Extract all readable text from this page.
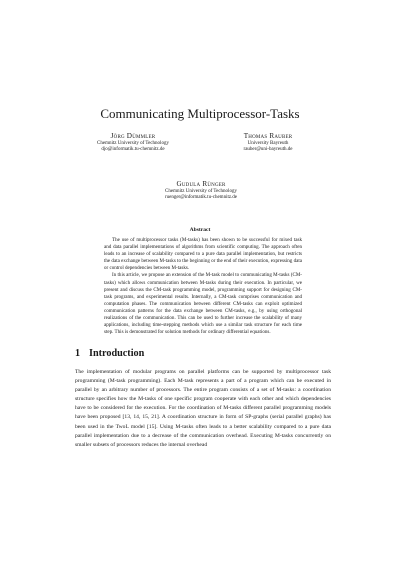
Communicating Multiprocessor-Tasks
Jörg Dümmler
Chemnitz University of Technology
djo@informatik.tu-chemnitz.de
Thomas Rauber
University Bayreuth
rauber@uni-bayreuth.de
Gudula Rünger
Chemnitz University of Technology
ruenger@informatik.tu-chemnitz.de
Abstract

The use of multiprocessor tasks (M-tasks) has been shown to be successful for mixed task and data parallel implementations of algorithms from scientific computing. The approach often leads to an increase of scalability compared to a pure data parallel implementation, but restricts the data exchange between M-tasks to the beginning or the end of their execution, expressing data or control dependencies between M-tasks.

In this article, we propose an extension of the M-task model to communicating M-tasks (CM-tasks) which allows communication between M-tasks during their execution. In particular, we present and discuss the CM-task programming model, programming support for designing CM-task programs, and experimental results. Internally, a CM-task comprises communication and computation phases. The communication between different CM-tasks can exploit optimized communication patterns for the data exchange between CM-tasks, e.g., by using orthogonal realizations of the communication. This can be used to further increase the scalability of many applications, including time-stepping methods which use a similar task structure for each time step. This is demonstrated for solution methods for ordinary differential equations.

1 Introduction

The implementation of modular programs on parallel platforms can be supported by multiprocessor task programming (M-task programming). Each M-task represents a part of a program which can be executed in parallel by an arbitrary number of processors. The entire program consists of a set of M-tasks: a coordination structure specifies how the M-tasks of one specific program cooperate with each other and which dependencies have to be considered for the execution. For the coordination of M-tasks different parallel programming models have been proposed [13, 14, 15, 21]. A coordination structure in form of SP-graphs (serial parallel graphs) has been used in the TwoL model [15]. Using M-tasks often leads to a better scalability compared to a pure data parallel implementation due to a decrease of the communication overhead. Executing M-tasks concurrently on smaller subsets of processors reduces the internal overhead
